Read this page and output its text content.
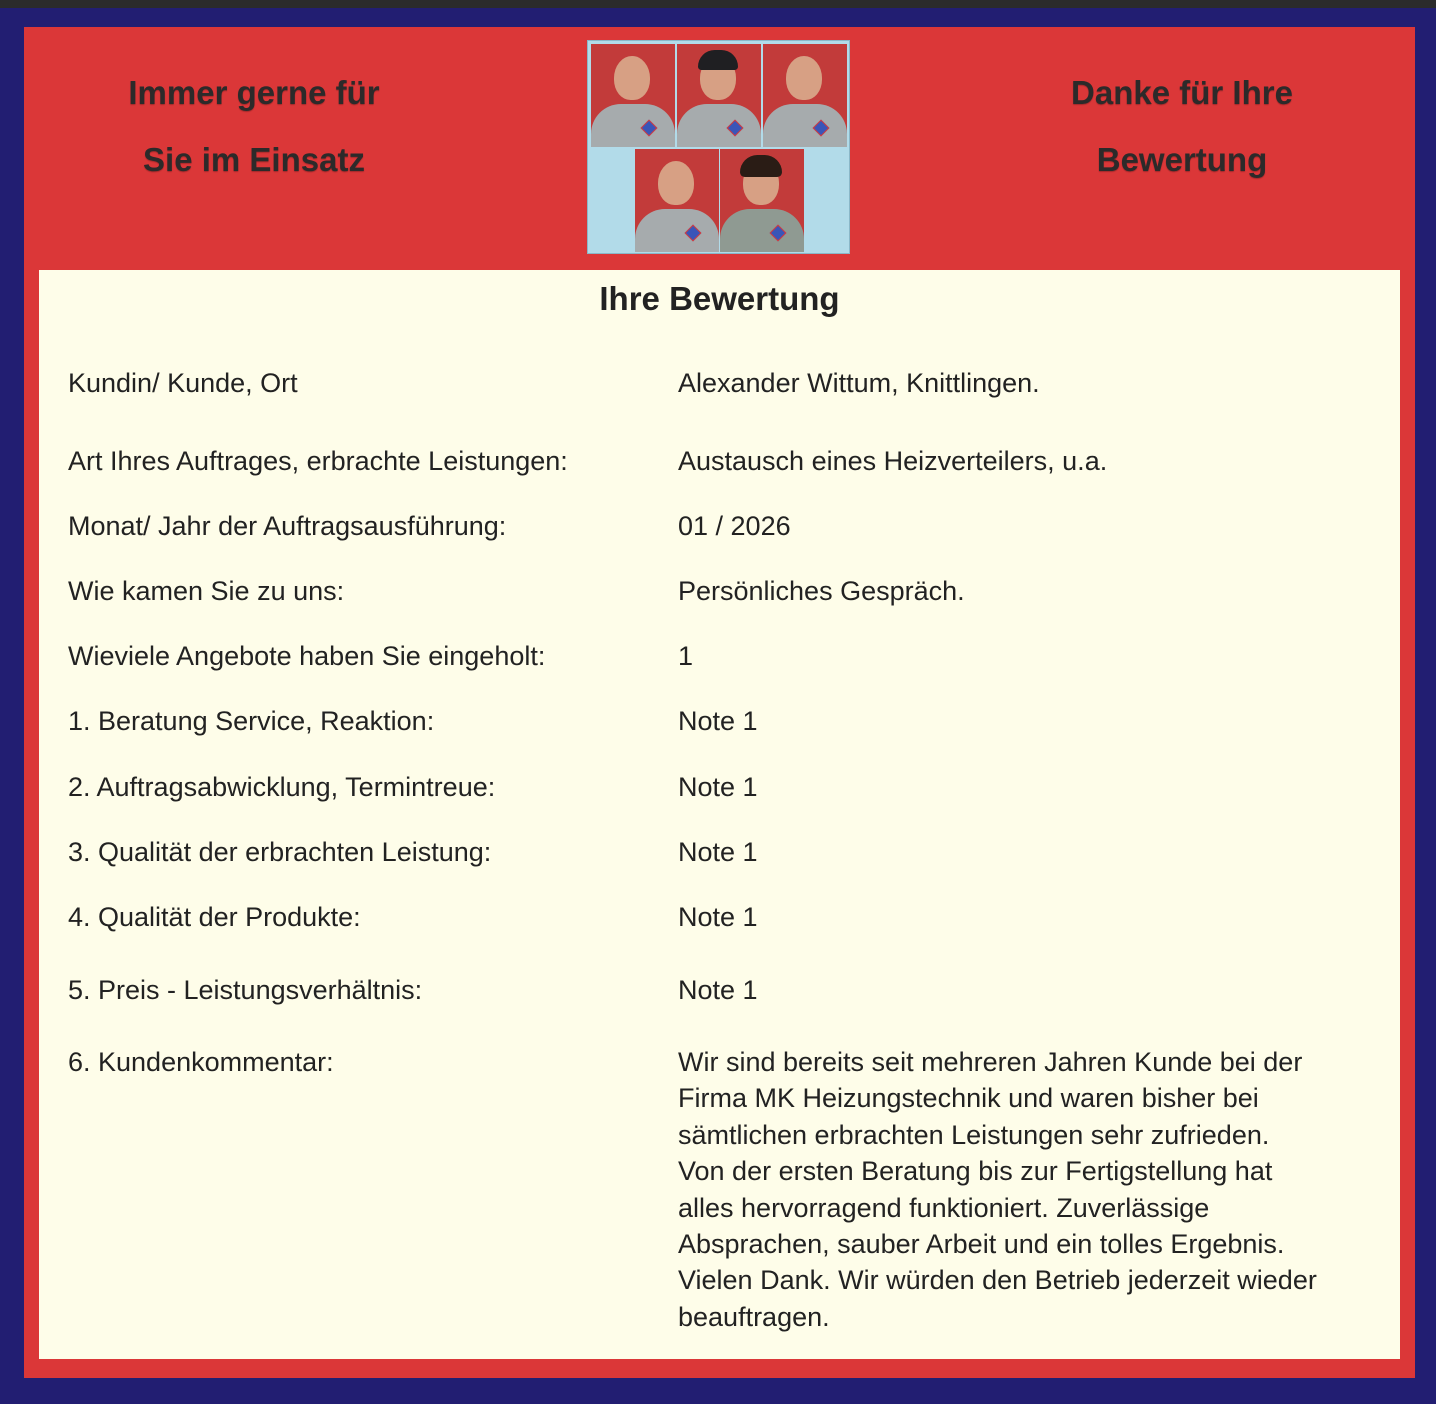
Immer gerne für
Sie im Einsatz
Danke für Ihre
Bewertung
Ihre Bewertung
Kundin/ Kunde, Ort	Alexander Wittum, Knittlingen.
Art Ihres Auftrages, erbrachte Leistungen:	Austausch eines Heizverteilers, u.a.
Monat/ Jahr der Auftragsausführung:	01 / 2026
Wie kamen Sie zu uns:	Persönliches Gespräch.
Wieviele Angebote haben Sie eingeholt:	1
1. Beratung Service, Reaktion:	Note 1
2. Auftragsabwicklung, Termintreue:	Note 1
3. Qualität der erbrachten Leistung:	Note 1
4. Qualität der Produkte:	Note 1
5. Preis - Leistungsverhältnis:	Note 1
6. Kundenkommentar:	Wir sind bereits seit mehreren Jahren Kunde bei der
Firma MK Heizungstechnik und waren bisher bei
sämtlichen erbrachten Leistungen sehr zufrieden.
Von der ersten Beratung bis zur Fertigstellung hat
alles hervorragend funktioniert. Zuverlässige
Absprachen, sauber Arbeit und ein tolles Ergebnis.
Vielen Dank. Wir würden den Betrieb jederzeit wieder
beauftragen.
